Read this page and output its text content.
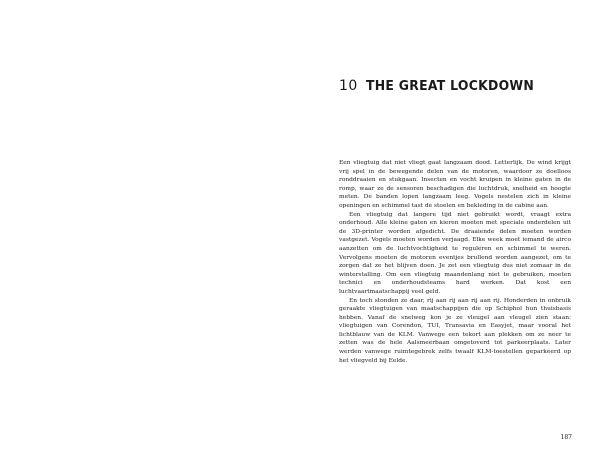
10 THE GREAT LOCKDOWN

Een vliegtuig dat niet vliegt gaat langzaam dood. Letterlijk. De wind krijgt vrij spel in de bewegende delen van de motoren, waardoor ze doelloos ronddraaien en stukgaan. Insecten en vocht kruipen in kleine gaten in de romp, waar ze de sensoren beschadigen die luchtdruk, snelheid en hoogte meten. De banden lopen langzaam leeg. Vogels nestelen zich in kleine openingen en schimmel tast de stoelen en bekleding in de cabine aan.

Een vliegtuig dat langere tijd niet gebruikt wordt, vraagt extra onderhoud. Alle kleine gaten en kieren moeten met speciale onderdelen uit de 3D-printer worden afgedicht. De draaiende delen moeten worden vastgezet. Vogels moeten worden verjaagd. Elke week moet iemand de airco aanzetten om de luchtvochtigheid te reguleren en schimmel te weren. Vervolgens moeten de motoren eventjes brullend worden aangezet, om te zorgen dat ze het blijven doen. Je zet een vliegtuig dus niet zomaar in de winterstalling. Om een vliegtuig maandenlang niet te gebruiken, moeten technici en onderhoudsteams hard werken. Dat kost een luchtvaartmaatschappij veel geld.

En toch stonden ze daar, rij aan rij aan rij aan rij. Honderden in onbruik geraakte vliegtuigen van maatschappijen die op Schiphol hun thuisbasis hebben. Vanaf de snelweg kon je ze vleugel aan vleugel zien staan: vliegtuigen van Corendon, TUI, Transavia en Easyjet, maar vooral het lichtblauw van de KLM. Vanwege een tekort aan plekken om ze neer te zetten was de hele Aalsmeerbaan omgetoverd tot parkeerplaats. Later werden vanwege ruimtegebrek zelfs twaalf KLM-toestellen geparkeerd op het vliegveld bij Eelde.

187
